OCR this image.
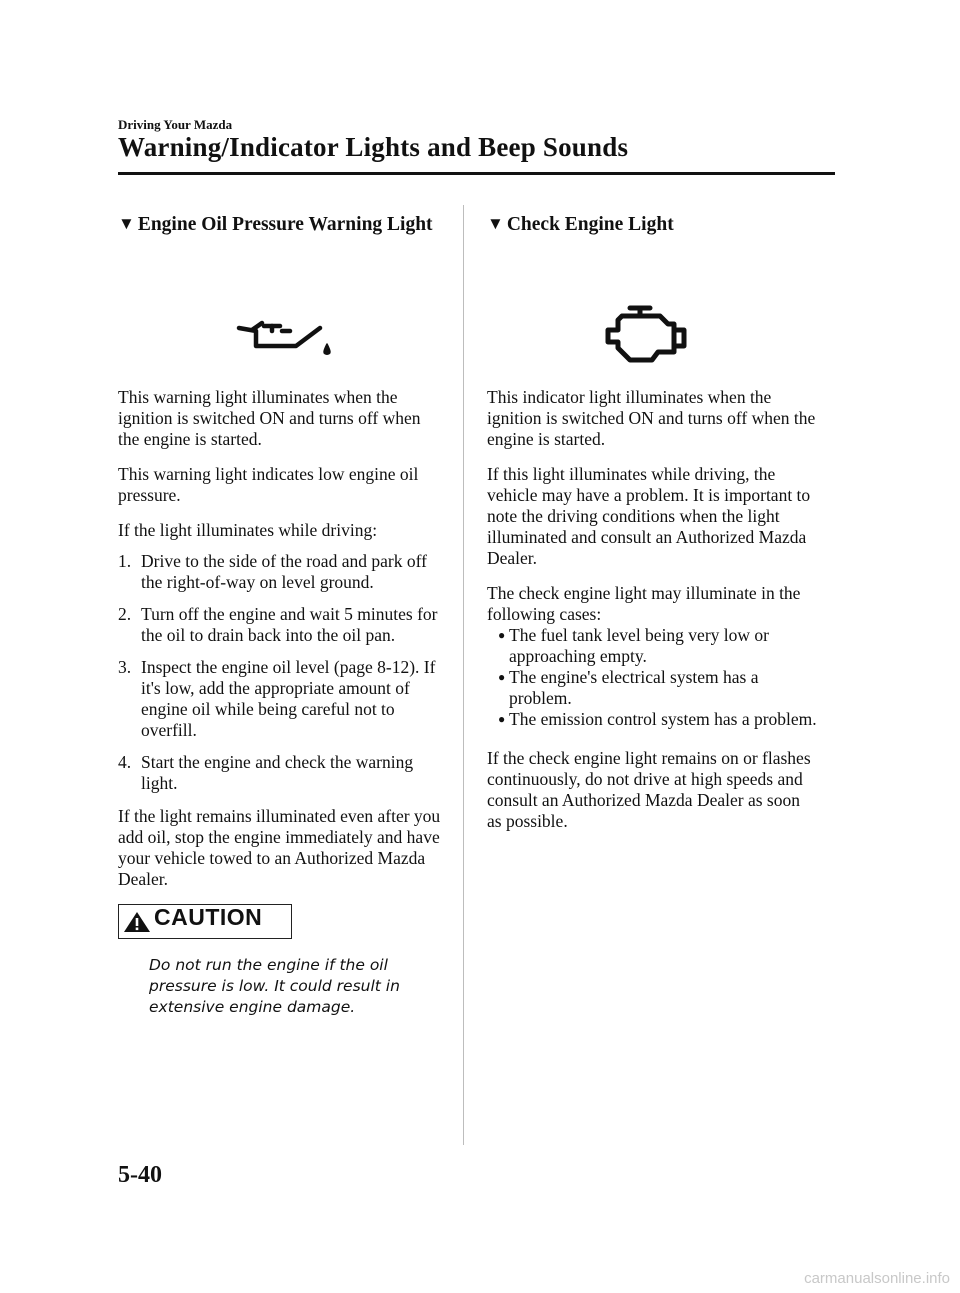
Driving Your Mazda
Warning/Indicator Lights and Beep Sounds
▼ Engine Oil Pressure Warning Light

This warning light illuminates when the ignition is switched ON and turns off when the engine is started.

This warning light indicates low engine oil pressure.

If the light illuminates while driving:

1. Drive to the side of the road and park off the right-of-way on level ground.
2. Turn off the engine and wait 5 minutes for the oil to drain back into the oil pan.
3. Inspect the engine oil level (page 8-12). If it's low, add the appropriate amount of engine oil while being careful not to overfill.
4. Start the engine and check the warning light.

If the light remains illuminated even after you add oil, stop the engine immediately and have your vehicle towed to an Authorized Mazda Dealer.

CAUTION
Do not run the engine if the oil pressure is low. It could result in extensive engine damage.
▼ Check Engine Light

This indicator light illuminates when the ignition is switched ON and turns off when the engine is started.

If this light illuminates while driving, the vehicle may have a problem. It is important to note the driving conditions when the light illuminated and consult an Authorized Mazda Dealer.

The check engine light may illuminate in the following cases:

● The fuel tank level being very low or approaching empty.
● The engine's electrical system has a problem.
● The emission control system has a problem.

If the check engine light remains on or flashes continuously, do not drive at high speeds and consult an Authorized Mazda Dealer as soon as possible.

5-40
carmanualsonline.info
